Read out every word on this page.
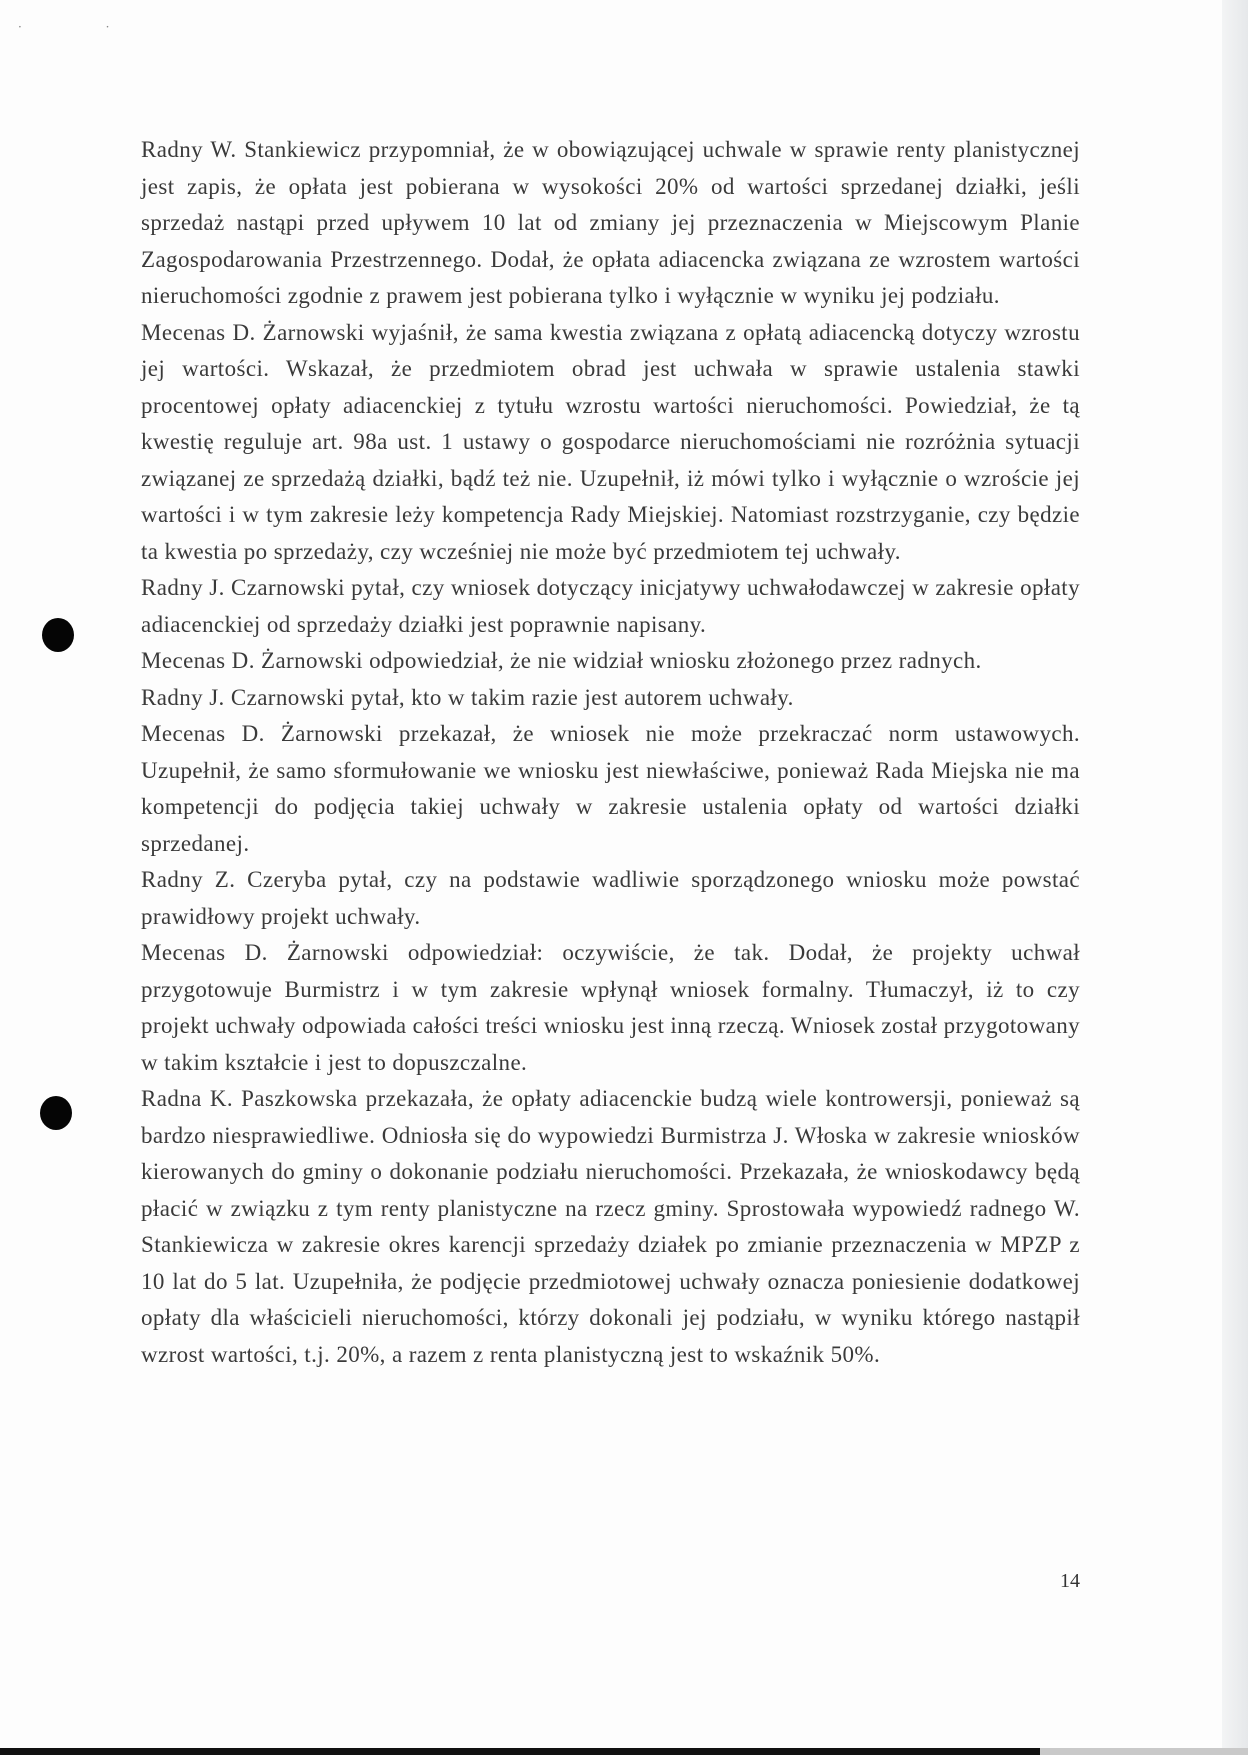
· ·

Radny W. Stankiewicz przypomniał, że w obowiązującej uchwale w sprawie renty planistycznej jest zapis, że opłata jest pobierana w wysokości 20% od wartości sprzedanej działki, jeśli sprzedaż nastąpi przed upływem 10 lat od zmiany jej przeznaczenia w Miejscowym Planie Zagospodarowania Przestrzennego. Dodał, że opłata adiacencka związana ze wzrostem wartości nieruchomości zgodnie z prawem jest pobierana tylko i wyłącznie w wyniku jej podziału.

Mecenas D. Żarnowski wyjaśnił, że sama kwestia związana z opłatą adiacencką dotyczy wzrostu jej wartości. Wskazał, że przedmiotem obrad jest uchwała w sprawie ustalenia stawki procentowej opłaty adiacenckiej z tytułu wzrostu wartości nieruchomości. Powiedział, że tą kwestię reguluje art. 98a ust. 1 ustawy o gospodarce nieruchomościami nie rozróżnia sytuacji związanej ze sprzedażą działki, bądź też nie. Uzupełnił, iż mówi tylko i wyłącznie o wzroście jej wartości i w tym zakresie leży kompetencja Rady Miejskiej. Natomiast rozstrzyganie, czy będzie ta kwestia po sprzedaży, czy wcześniej nie może być przedmiotem tej uchwały.

Radny J. Czarnowski pytał, czy wniosek dotyczący inicjatywy uchwałodawczej w zakresie opłaty adiacenckiej od sprzedaży działki jest poprawnie napisany.

Mecenas D. Żarnowski odpowiedział, że nie widział wniosku złożonego przez radnych.

Radny J. Czarnowski pytał, kto w takim razie jest autorem uchwały.

Mecenas D. Żarnowski przekazał, że wniosek nie może przekraczać norm ustawowych. Uzupełnił, że samo sformułowanie we wniosku jest niewłaściwe, ponieważ Rada Miejska nie ma kompetencji do podjęcia takiej uchwały w zakresie ustalenia opłaty od wartości działki sprzedanej.

Radny Z. Czeryba pytał, czy na podstawie wadliwie sporządzonego wniosku może powstać prawidłowy projekt uchwały.

Mecenas D. Żarnowski odpowiedział: oczywiście, że tak. Dodał, że projekty uchwał przygotowuje Burmistrz i w tym zakresie wpłynął wniosek formalny. Tłumaczył, iż to czy projekt uchwały odpowiada całości treści wniosku jest inną rzeczą. Wniosek został przygotowany w takim kształcie i jest to dopuszczalne.

Radna K. Paszkowska przekazała, że opłaty adiacenckie budzą wiele kontrowersji, ponieważ są bardzo niesprawiedliwe. Odniosła się do wypowiedzi Burmistrza J. Włoska w zakresie wniosków kierowanych do gminy o dokonanie podziału nieruchomości. Przekazała, że wnioskodawcy będą płacić w związku z tym renty planistyczne na rzecz gminy. Sprostowała wypowiedź radnego W. Stankiewicza w zakresie okres karencji sprzedaży działek po zmianie przeznaczenia w MPZP z 10 lat do 5 lat. Uzupełniła, że podjęcie przedmiotowej uchwały oznacza poniesienie dodatkowej opłaty dla właścicieli nieruchomości, którzy dokonali jej podziału, w wyniku którego nastąpił wzrost wartości, t.j. 20%, a razem z renta planistyczną jest to wskaźnik 50%.

14
